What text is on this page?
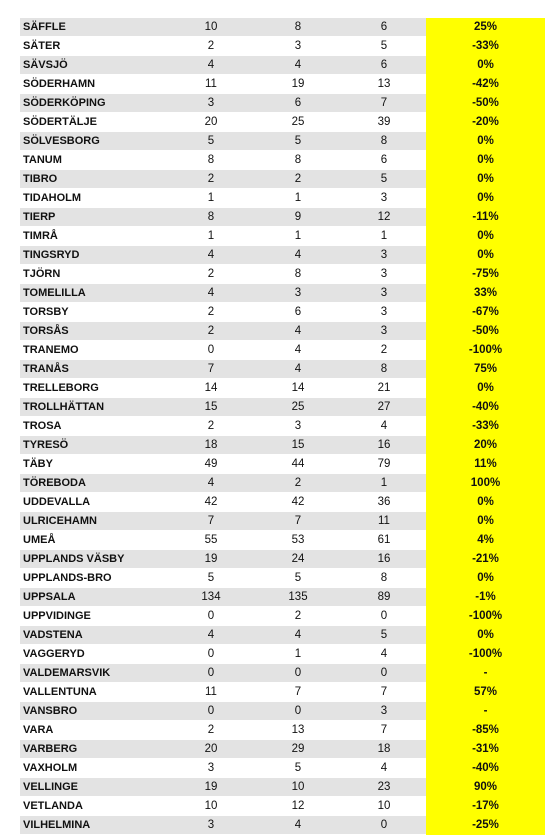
SÄFFLE	10	8	6	25%
SÄTER	2	3	5	-33%
SÄVSJÖ	4	4	6	0%
SÖDERHAMN	11	19	13	-42%
SÖDERKÖPING	3	6	7	-50%
SÖDERTÄLJE	20	25	39	-20%
SÖLVESBORG	5	5	8	0%
TANUM	8	8	6	0%
TIBRO	2	2	5	0%
TIDAHOLM	1	1	3	0%
TIERP	8	9	12	-11%
TIMRÅ	1	1	1	0%
TINGSRYD	4	4	3	0%
TJÖRN	2	8	3	-75%
TOMELILLA	4	3	3	33%
TORSBY	2	6	3	-67%
TORSÅS	2	4	3	-50%
TRANEMO	0	4	2	-100%
TRANÅS	7	4	8	75%
TRELLEBORG	14	14	21	0%
TROLLHÄTTAN	15	25	27	-40%
TROSA	2	3	4	-33%
TYRESÖ	18	15	16	20%
TÄBY	49	44	79	11%
TÖREBODA	4	2	1	100%
UDDEVALLA	42	42	36	0%
ULRICEHAMN	7	7	11	0%
UMEÅ	55	53	61	4%
UPPLANDS VÄSBY	19	24	16	-21%
UPPLANDS-BRO	5	5	8	0%
UPPSALA	134	135	89	-1%
UPPVIDINGE	0	2	0	-100%
VADSTENA	4	4	5	0%
VAGGERYD	0	1	4	-100%
VALDEMARSVIK	0	0	0	-
VALLENTUNA	11	7	7	57%
VANSBRO	0	0	3	-
VARA	2	13	7	-85%
VARBERG	20	29	18	-31%
VAXHOLM	3	5	4	-40%
VELLINGE	19	10	23	90%
VETLANDA	10	12	10	-17%
VILHELMINA	3	4	0	-25%
